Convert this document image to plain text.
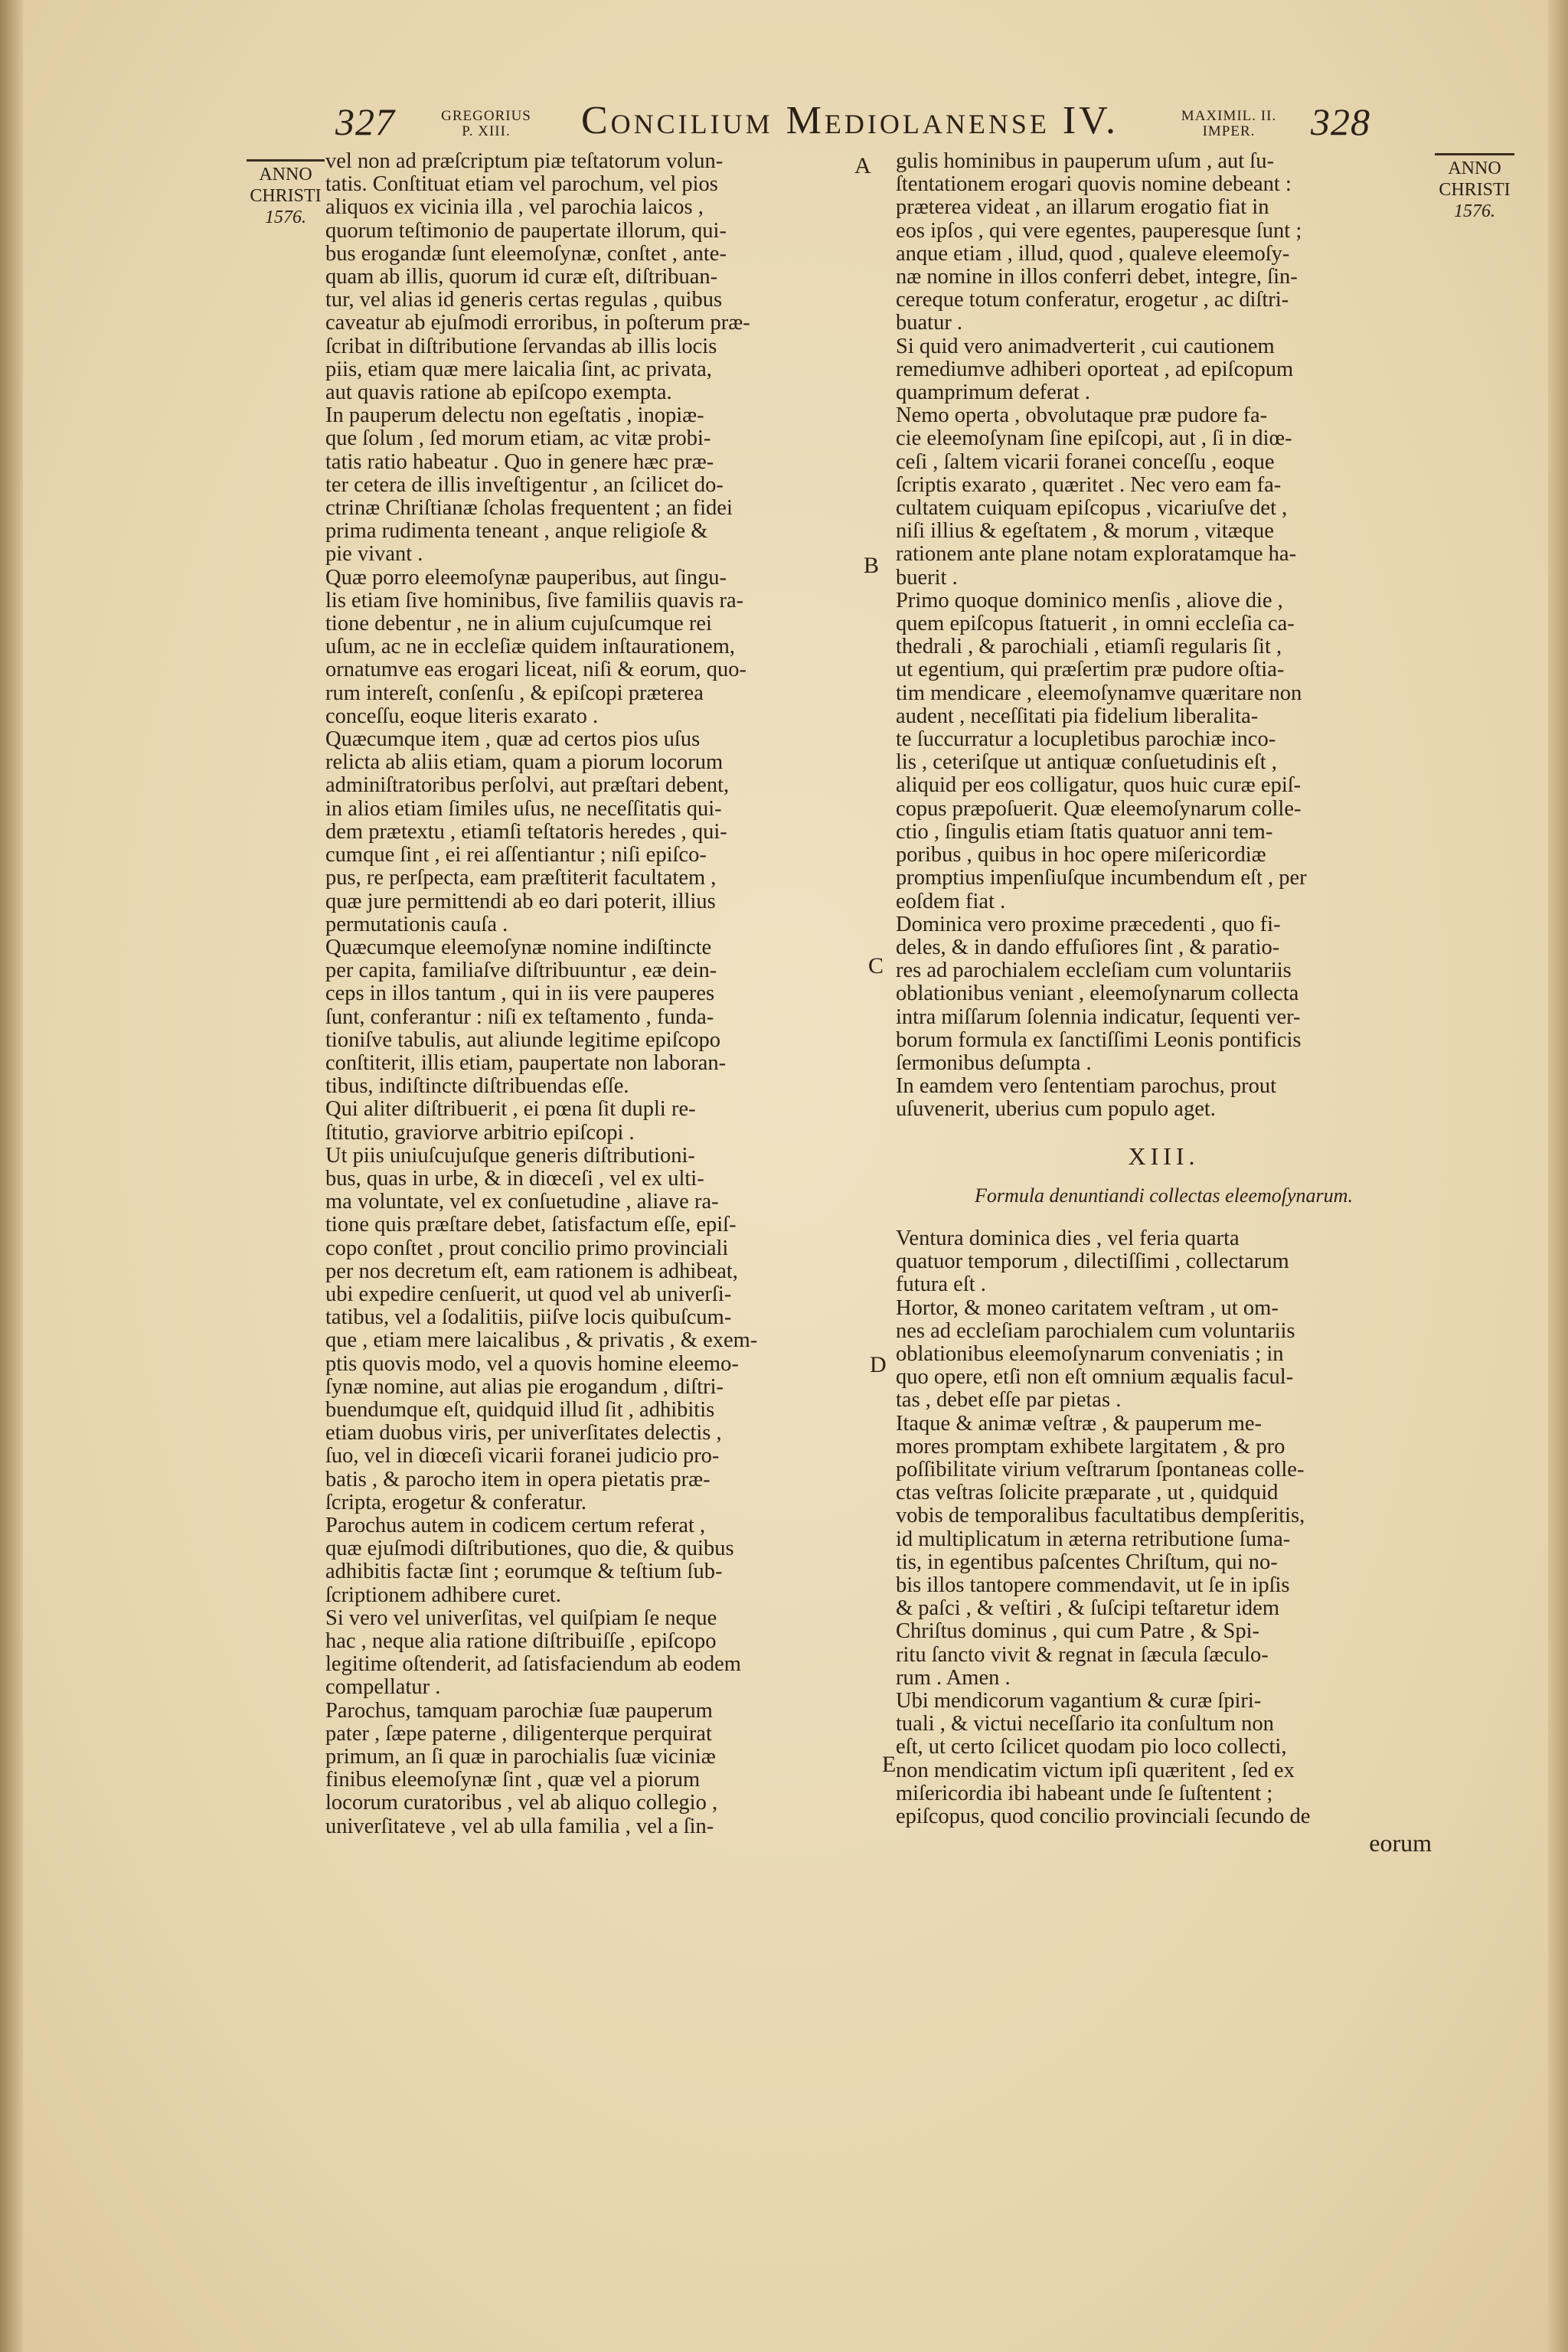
327	GREGORIUS
P. XIII.	Concilium Mediolanense IV.	MAXIMIL. II.
IMPER.	328
ANNO
CHRISTI
1576.
ANNO
CHRISTI
1576.
A
B
C
D
E
vel non ad præſcriptum piæ teſtatorum volun-
tatis. Conſtituat etiam vel parochum, vel pios
aliquos ex vicinia illa , vel parochia laicos ,
quorum teſtimonio de paupertate illorum, qui-
bus erogandæ ſunt eleemoſynæ, conſtet , ante-
quam ab illis, quorum id curæ eſt, diſtribuan-
tur, vel alias id generis certas regulas , quibus
caveatur ab ejuſmodi erroribus, in poſterum præ-
ſcribat in diſtributione ſervandas ab illis locis
piis, etiam quæ mere laicalia ſint, ac privata,
aut quavis ratione ab epiſcopo exempta.
In pauperum delectu non egeſtatis , inopiæ-
que ſolum , ſed morum etiam, ac vitæ probi-
tatis ratio habeatur . Quo in genere hæc præ-
ter cetera de illis inveſtigentur , an ſcilicet do-
ctrinæ Chriſtianæ ſcholas frequentent ; an fidei
prima rudimenta teneant , anque religioſe &
pie vivant .
Quæ porro eleemoſynæ pauperibus, aut ſingu-
lis etiam ſive hominibus, ſive familiis quavis ra-
tione debentur , ne in alium cujuſcumque rei
uſum, ac ne in eccleſiæ quidem inſtaurationem,
ornatumve eas erogari liceat, niſi & eorum, quo-
rum intereſt, conſenſu , & epiſcopi præterea
conceſſu, eoque literis exarato .
Quæcumque item , quæ ad certos pios uſus
relicta ab aliis etiam, quam a piorum locorum
adminiſtratoribus perſolvi, aut præſtari debent,
in alios etiam ſimiles uſus, ne neceſſitatis qui-
dem prætextu , etiamſi teſtatoris heredes , qui-
cumque ſint , ei rei aſſentiantur ; niſi epiſco-
pus, re perſpecta, eam præſtiterit facultatem ,
quæ jure permittendi ab eo dari poterit, illius
permutationis cauſa .
Quæcumque eleemoſynæ nomine indiſtincte
per capita, familiaſve diſtribuuntur , eæ dein-
ceps in illos tantum , qui in iis vere pauperes
ſunt, conferantur : niſi ex teſtamento , funda-
tioniſve tabulis, aut aliunde legitime epiſcopo
conſtiterit, illis etiam, paupertate non laboran-
tibus, indiſtincte diſtribuendas eſſe.
Qui aliter diſtribuerit , ei pœna ſit dupli re-
ſtitutio, graviorve arbitrio epiſcopi .
Ut piis uniuſcujuſque generis diſtributioni-
bus, quas in urbe, & in diœceſi , vel ex ulti-
ma voluntate, vel ex conſuetudine , aliave ra-
tione quis præſtare debet, ſatisfactum eſſe, epiſ-
copo conſtet , prout concilio primo provinciali
per nos decretum eſt, eam rationem is adhibeat,
ubi expedire cenſuerit, ut quod vel ab univerſi-
tatibus, vel a ſodalitiis, piiſve locis quibuſcum-
que , etiam mere laicalibus , & privatis , & exem-
ptis quovis modo, vel a quovis homine eleemo-
ſynæ nomine, aut alias pie erogandum , diſtri-
buendumque eſt, quidquid illud ſit , adhibitis
etiam duobus viris, per univerſitates delectis ,
ſuo, vel in diœceſi vicarii foranei judicio pro-
batis , & parocho item in opera pietatis præ-
ſcripta, erogetur & conferatur.
Parochus autem in codicem certum referat ,
quæ ejuſmodi diſtributiones, quo die, & quibus
adhibitis factæ ſint ; eorumque & teſtium ſub-
ſcriptionem adhibere curet.
Si vero vel univerſitas, vel quiſpiam ſe neque
hac , neque alia ratione diſtribuiſſe , epiſcopo
legitime oſtenderit, ad ſatisfaciendum ab eodem
compellatur .
Parochus, tamquam parochiæ ſuæ pauperum
pater , ſæpe paterne , diligenterque perquirat
primum, an ſi quæ in parochialis ſuæ viciniæ
finibus eleemoſynæ ſint , quæ vel a piorum
locorum curatoribus , vel ab aliquo collegio ,
univerſitateve , vel ab ulla familia , vel a ſin-
gulis hominibus in pauperum uſum , aut ſu-
ſtentationem erogari quovis nomine debeant :
præterea videat , an illarum erogatio fiat in
eos ipſos , qui vere egentes, pauperesque ſunt ;
anque etiam , illud, quod , qualeve eleemoſy-
næ nomine in illos conferri debet, integre, ſin-
cereque totum conferatur, erogetur , ac diſtri-
buatur .
Si quid vero animadverterit , cui cautionem
remediumve adhiberi oporteat , ad epiſcopum
quamprimum deferat .
Nemo operta , obvolutaque præ pudore fa-
cie eleemoſynam ſine epiſcopi, aut , ſi in diœ-
ceſi , ſaltem vicarii foranei conceſſu , eoque
ſcriptis exarato , quæritet . Nec vero eam fa-
cultatem cuiquam epiſcopus , vicariuſve det ,
niſi illius & egeſtatem , & morum , vitæque
rationem ante plane notam exploratamque ha-
buerit .
Primo quoque dominico menſis , aliove die ,
quem epiſcopus ſtatuerit , in omni eccleſia ca-
thedrali , & parochiali , etiamſi regularis ſit ,
ut egentium, qui præſertim præ pudore oſtia-
tim mendicare , eleemoſynamve quæritare non
audent , neceſſitati pia fidelium liberalita-
te ſuccurratur a locupletibus parochiæ inco-
lis , ceteriſque ut antiquæ conſuetudinis eſt ,
aliquid per eos colligatur, quos huic curæ epiſ-
copus præpoſuerit. Quæ eleemoſynarum colle-
ctio , ſingulis etiam ſtatis quatuor anni tem-
poribus , quibus in hoc opere miſericordiæ
promptius impenſiuſque incumbendum eſt , per
eoſdem fiat .
Dominica vero proxime præcedenti , quo fi-
deles, & in dando effuſiores ſint , & paratio-
res ad parochialem eccleſiam cum voluntariis
oblationibus veniant , eleemoſynarum collecta
intra miſſarum ſolennia indicatur, ſequenti ver-
borum formula ex ſanctiſſimi Leonis pontificis
ſermonibus deſumpta .
In eamdem vero ſententiam parochus, prout
uſuvenerit, uberius cum populo aget.
XIII.
Formula denuntiandi collectas eleemoſynarum.
Ventura dominica dies , vel feria quarta
quatuor temporum , dilectiſſimi , collectarum
futura eſt .
Hortor, & moneo caritatem veſtram , ut om-
nes ad eccleſiam parochialem cum voluntariis
oblationibus eleemoſynarum conveniatis ; in
quo opere, etſi non eſt omnium æqualis facul-
tas , debet eſſe par pietas .
Itaque & animæ veſtræ , & pauperum me-
mores promptam exhibete largitatem , & pro
poſſibilitate virium veſtrarum ſpontaneas colle-
ctas veſtras ſolicite præparate , ut , quidquid
vobis de temporalibus facultatibus dempſeritis,
id multiplicatum in æterna retributione ſuma-
tis, in egentibus paſcentes Chriſtum, qui no-
bis illos tantopere commendavit, ut ſe in ipſis
& paſci , & veſtiri , & ſuſcipi teſtaretur idem
Chriſtus dominus , qui cum Patre , & Spi-
ritu ſancto vivit & regnat in ſæcula ſæculo-
rum . Amen .
Ubi mendicorum vagantium & curæ ſpiri-
tuali , & victui neceſſario ita conſultum non
eſt, ut certo ſcilicet quodam pio loco collecti,
non mendicatim victum ipſi quæritent , ſed ex
miſericordia ibi habeant unde ſe ſuſtentent ;
epiſcopus, quod concilio provinciali ſecundo de
eorum
